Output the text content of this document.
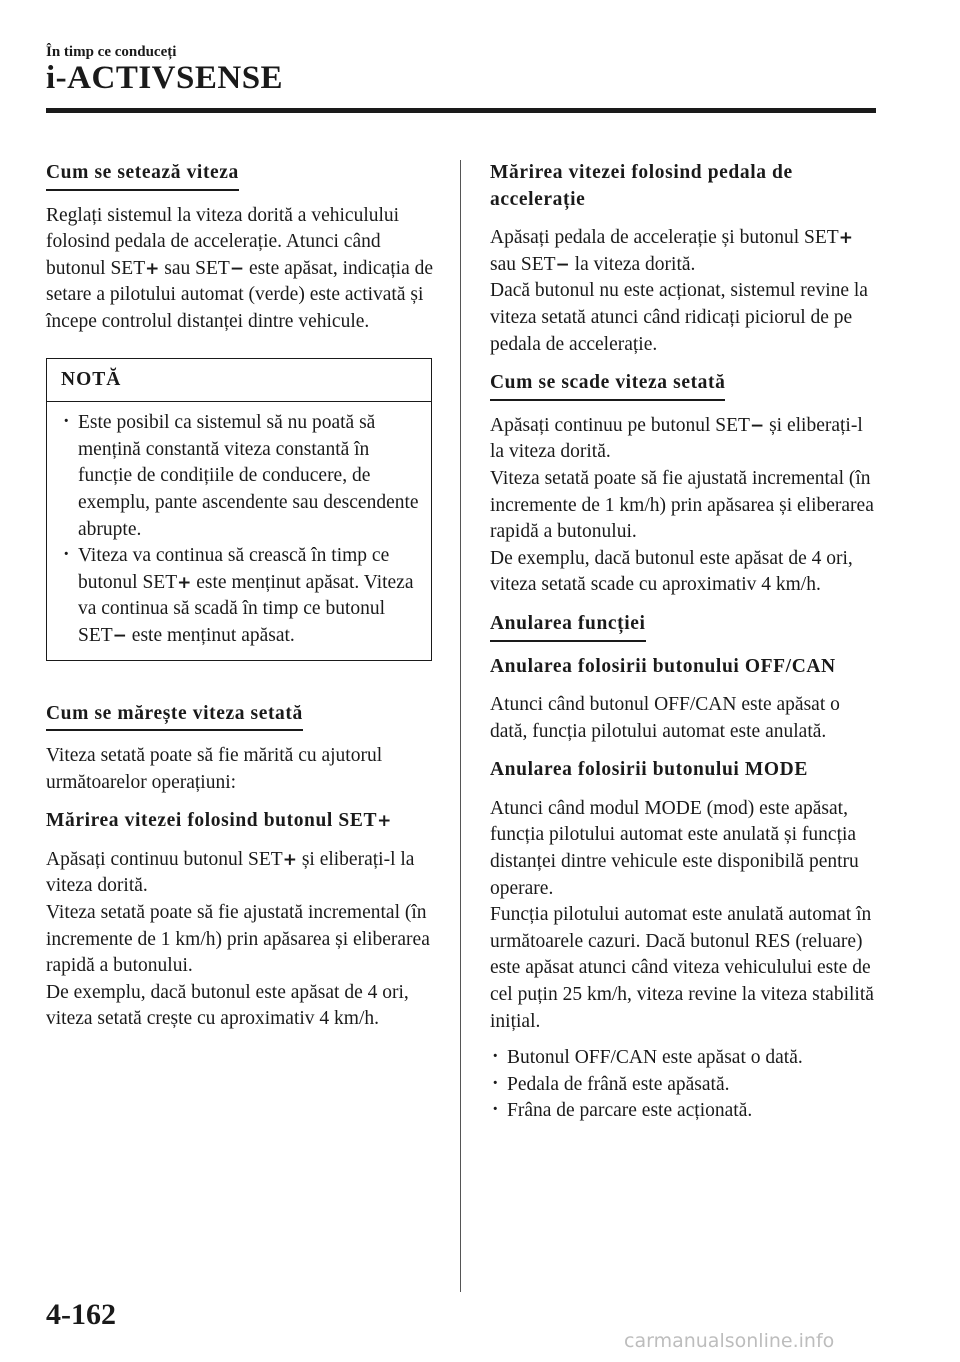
În timp ce conduceți
i-ACTIVSENSE
Cum se setează viteza

Reglați sistemul la viteza dorită a vehiculului folosind pedala de accelerație. Atunci când butonul SET+ sau SET− este apăsat, indicația de setare a pilotului automat (verde) este activată și începe controlul distanței dintre vehicule.

NOTĂ
· Este posibil ca sistemul să nu poată să mențină constantă viteza constantă în funcție de condițiile de conducere, de exemplu, pante ascendente sau descendente abrupte.
· Viteza va continua să crească în timp ce butonul SET+ este menținut apăsat. Viteza va continua să scadă în timp ce butonul SET− este menținut apăsat.
Cum se mărește viteza setată

Viteza setată poate să fie mărită cu ajutorul următoarelor operațiuni:

Mărirea vitezei folosind butonul SET+

Apăsați continuu butonul SET+ și eliberați-l la viteza dorită.

Viteza setată poate să fie ajustată incremental (în incremente de 1 km/h) prin apăsarea și eliberarea rapidă a butonului.

De exemplu, dacă butonul este apăsat de 4 ori, viteza setată crește cu aproximativ 4 km/h.

Mărirea vitezei folosind pedala de accelerație

Apăsați pedala de accelerație și butonul SET+ sau SET− la viteza dorită.

Dacă butonul nu este acționat, sistemul revine la viteza setată atunci când ridicați piciorul de pe pedala de accelerație.

Cum se scade viteza setată

Apăsați continuu pe butonul SET− și eliberați-l la viteza dorită.

Viteza setată poate să fie ajustată incremental (în incremente de 1 km/h) prin apăsarea și eliberarea rapidă a butonului.

De exemplu, dacă butonul este apăsat de 4 ori, viteza setată scade cu aproximativ 4 km/h.

Anularea funcției

Anularea folosirii butonului OFF/CAN

Atunci când butonul OFF/CAN este apăsat o dată, funcția pilotului automat este anulată.

Anularea folosirii butonului MODE

Atunci când modul MODE (mod) este apăsat, funcția pilotului automat este anulată și funcția distanței dintre vehicule este disponibilă pentru operare.

Funcția pilotului automat este anulată automat în următoarele cazuri. Dacă butonul RES (reluare) este apăsat atunci când viteza vehiculului este de cel puțin 25 km/h, viteza revine la viteza stabilită inițial.

· Butonul OFF/CAN este apăsat o dată.
· Pedala de frână este apăsată.
· Frâna de parcare este acționată.
4-162
carmanualsonline.info
